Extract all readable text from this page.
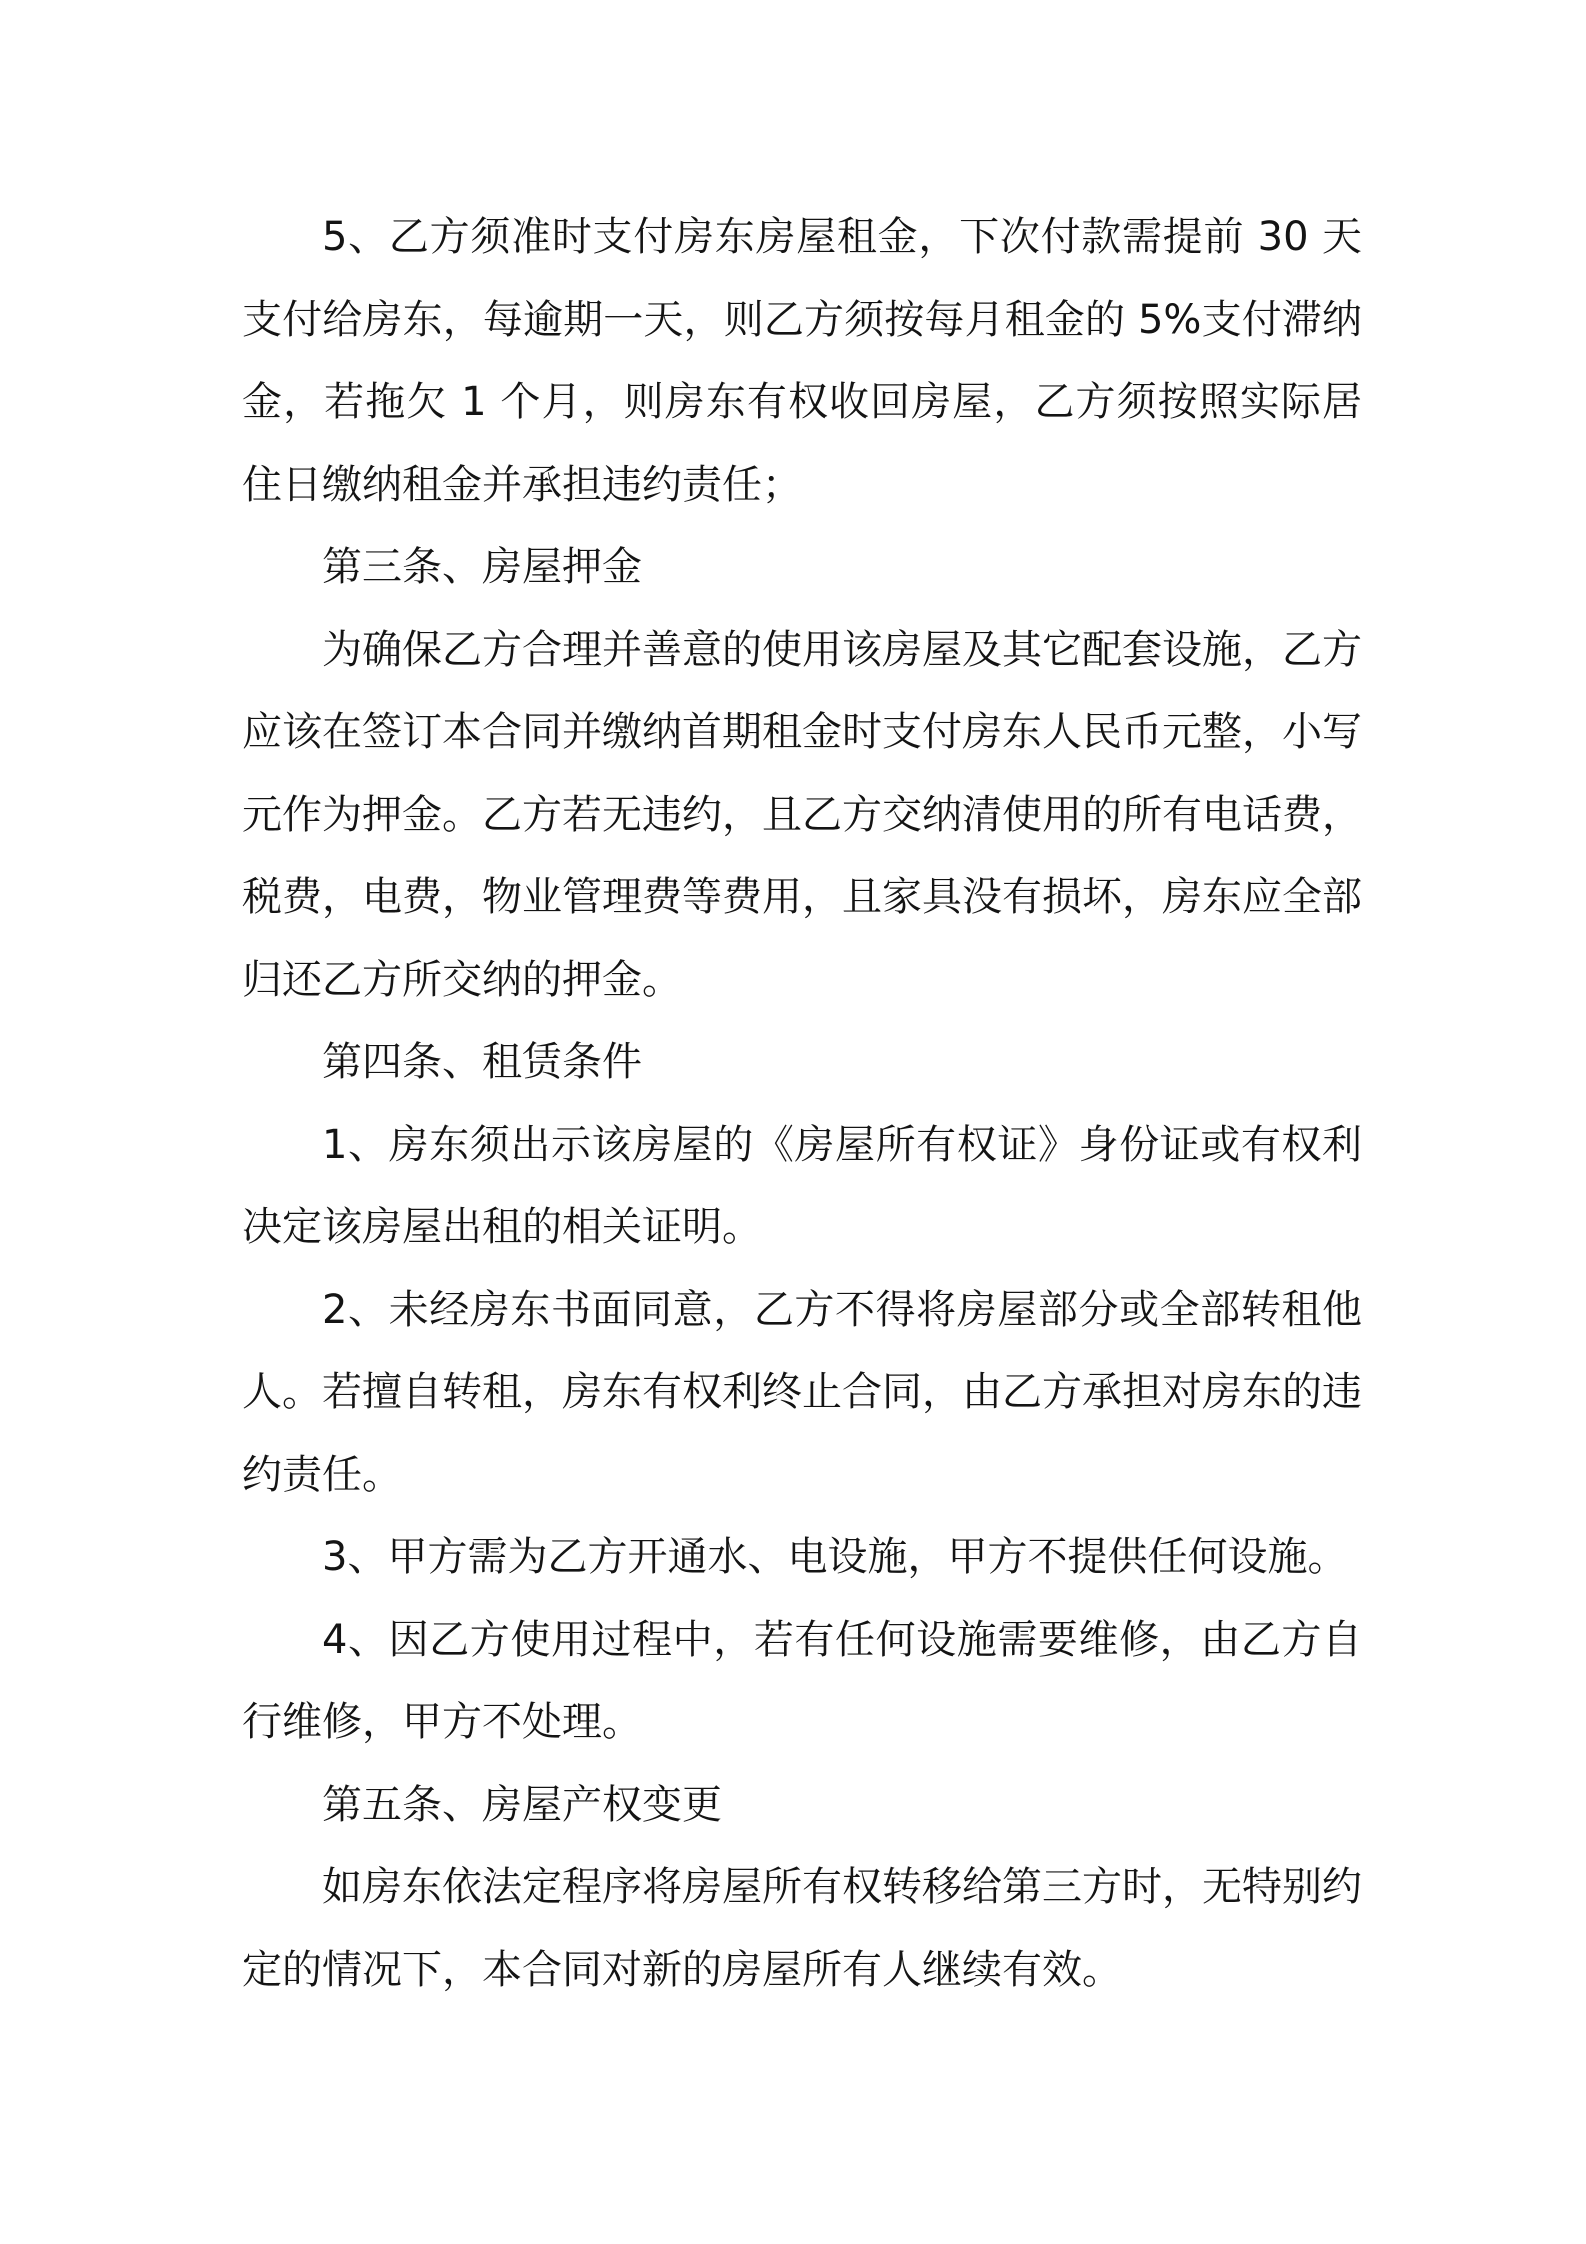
5、乙方须准时支付房东房屋租金，下次付款需提前 30 天支付给房东，每逾期一天，则乙方须按每月租金的 5%支付滞纳金，若拖欠 1 个月，则房东有权收回房屋，乙方须按照实际居住日缴纳租金并承担违约责任；

第三条、房屋押金

为确保乙方合理并善意的使用该房屋及其它配套设施，乙方应该在签订本合同并缴纳首期租金时支付房东人民币元整，小写元作为押金。乙方若无违约，且乙方交纳清使用的所有电话费，税费，电费，物业管理费等费用，且家具没有损坏，房东应全部归还乙方所交纳的押金。

第四条、租赁条件

1、房东须出示该房屋的《房屋所有权证》身份证或有权利决定该房屋出租的相关证明。

2、未经房东书面同意，乙方不得将房屋部分或全部转租他人。若擅自转租，房东有权利终止合同，由乙方承担对房东的违约责任。

3、甲方需为乙方开通水、电设施，甲方不提供任何设施。

4、因乙方使用过程中，若有任何设施需要维修，由乙方自行维修，甲方不处理。

第五条、房屋产权变更

如房东依法定程序将房屋所有权转移给第三方时，无特别约定的情况下，本合同对新的房屋所有人继续有效。
